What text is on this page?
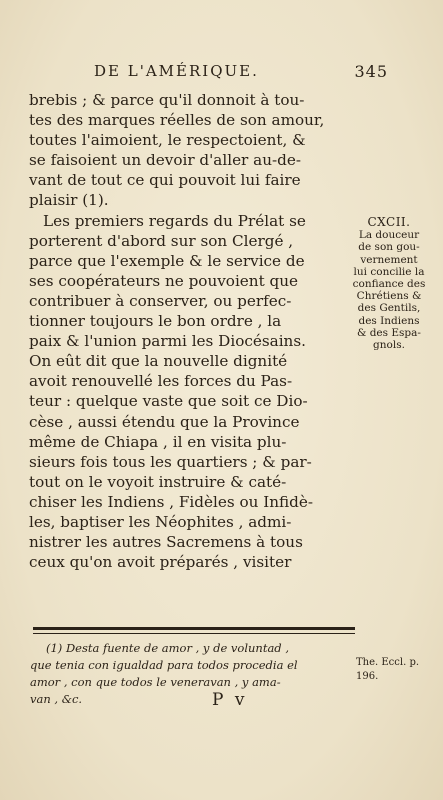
DE L'AMÉRIQUE.	345
brebis ; & parce qu'il donnoit à tou-
tes des marques réelles de son amour,
toutes l'aimoient, le respectoient, &
se faisoient un devoir d'aller au-de-
vant de tout ce qui pouvoit lui faire
plaisir (1).
Les premiers regards du Prélat se
porterent d'abord sur son Clergé ,
parce que l'exemple & le service de
ses coopérateurs ne pouvoient que
contribuer à conserver, ou perfec-
tionner toujours le bon ordre , la
paix & l'union parmi les Diocésains.
On eût dit que la nouvelle dignité
avoit renouvellé les forces du Pas-
teur : quelque vaste que soit ce Dio-
cèse , aussi étendu que la Province
même de Chiapa , il en visita plu-
sieurs fois tous les quartiers ; & par-
tout on le voyoit instruire & caté-
chiser les Indiens , Fidèles ou Infidè-
les, baptiser les Néophites , admi-
nistrer les autres Sacremens à tous
ceux qu'on avoit préparés , visiter
CXCII.
La douceur
de son gou-
vernement
lui concilie la
confiance des
Chrétiens &
des Gentils,
des Indiens
& des Espa-
gnols.
(1) Desta fuente de amor , y de voluntad ,
que tenia con igualdad para todos procedia el
amor , con que todos le veneravan , y ama-
van , &c.
The. Eccl. p.
196.
P v
